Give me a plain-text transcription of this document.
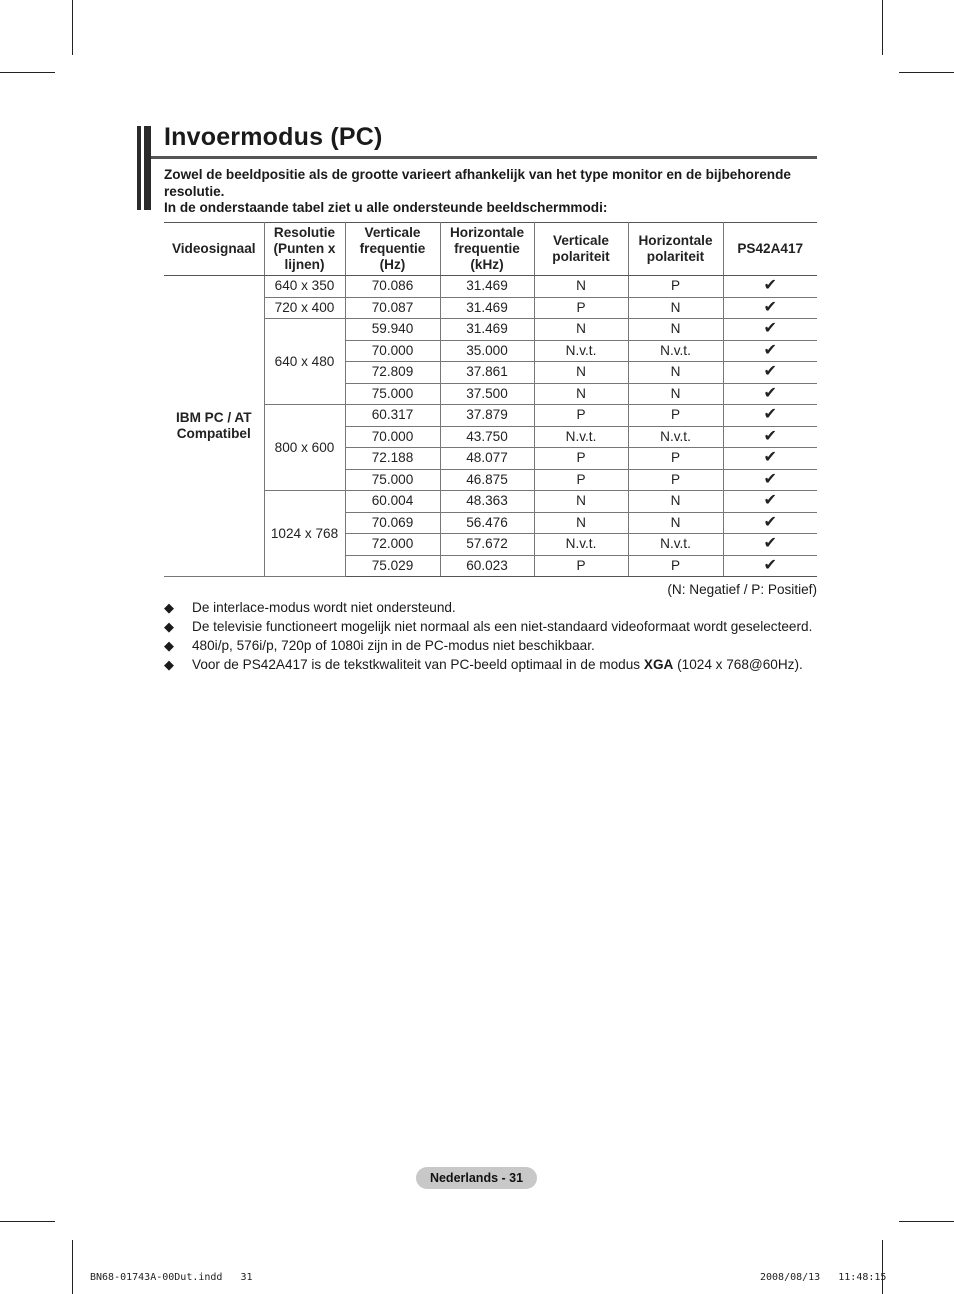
Invoermodus (PC)

Zowel de beeldpositie als de grootte varieert afhankelijk van het type monitor en de bijbehorende resolutie.

In de onderstaande tabel ziet u alle ondersteunde beeldschermmodi:

Videosignaal	Resolutie (Punten x lijnen)	Verticale frequentie (Hz)	Horizontale frequentie (kHz)	Verticale polariteit	Horizontale polariteit	PS42A417
IBM PC / AT Compatibel	640 x 350	70.086	31.469	N	P	✔
	720 x 400	70.087	31.469	P	N	✔
	640 x 480	59.940	31.469	N	N	✔
		70.000	35.000	N.v.t.	N.v.t.	✔
		72.809	37.861	N	N	✔
		75.000	37.500	N	N	✔
	800 x 600	60.317	37.879	P	P	✔
		70.000	43.750	N.v.t.	N.v.t.	✔
		72.188	48.077	P	P	✔
		75.000	46.875	P	P	✔
	1024 x 768	60.004	48.363	N	N	✔
		70.069	56.476	N	N	✔
		72.000	57.672	N.v.t.	N.v.t.	✔
		75.029	60.023	P	P	✔
(N: Negatief / P: Positief)
◆ De interlace-modus wordt niet ondersteund.
◆ De televisie functioneert mogelijk niet normaal als een niet-standaard videoformaat wordt geselecteerd.
◆ 480i/p, 576i/p, 720p of 1080i zijn in de PC-modus niet beschikbaar.
◆ Voor de PS42A417 is de tekstkwaliteit van PC-beeld optimaal in de modus XGA (1024 x 768@60Hz).
Nederlands - 31
BN68-01743A-00Dut.indd   31	2008/08/13   11:48:15
